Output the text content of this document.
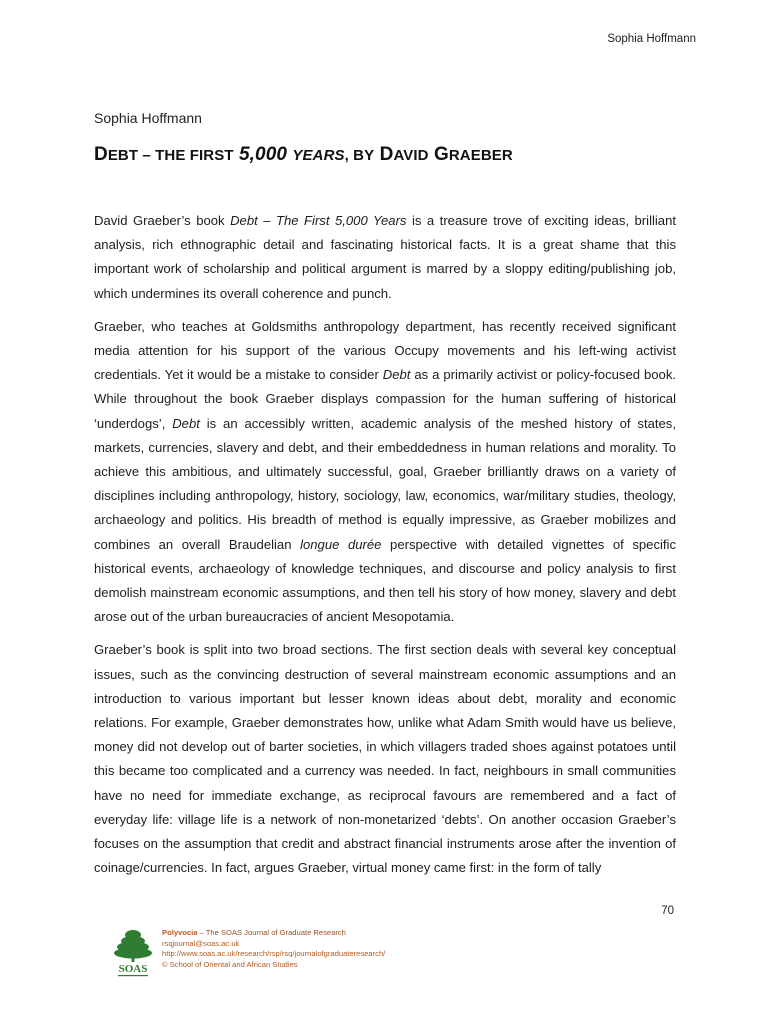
Sophia Hoffmann
Sophia Hoffmann
DEBT – THE FIRST 5,000 YEARS, BY DAVID GRAEBER

David Graeber’s book Debt – The First 5,000 Years is a treasure trove of exciting ideas, brilliant analysis, rich ethnographic detail and fascinating historical facts. It is a great shame that this important work of scholarship and political argument is marred by a sloppy editing/publishing job, which undermines its overall coherence and punch.

Graeber, who teaches at Goldsmiths anthropology department, has recently received significant media attention for his support of the various Occupy movements and his left-wing activist credentials. Yet it would be a mistake to consider Debt as a primarily activist or policy-focused book. While throughout the book Graeber displays compassion for the human suffering of historical ‘underdogs’, Debt is an accessibly written, academic analysis of the meshed history of states, markets, currencies, slavery and debt, and their embeddedness in human relations and morality. To achieve this ambitious, and ultimately successful, goal, Graeber brilliantly draws on a variety of disciplines including anthropology, history, sociology, law, economics, war/military studies, theology, archaeology and politics. His breadth of method is equally impressive, as Graeber mobilizes and combines an overall Braudelian longue durée perspective with detailed vignettes of specific historical events, archaeology of knowledge techniques, and discourse and policy analysis to first demolish mainstream economic assumptions, and then tell his story of how money, slavery and debt arose out of the urban bureaucracies of ancient Mesopotamia.

Graeber’s book is split into two broad sections. The first section deals with several key conceptual issues, such as the convincing destruction of several mainstream economic assumptions and an introduction to various important but lesser known ideas about debt, morality and economic relations. For example, Graeber demonstrates how, unlike what Adam Smith would have us believe, money did not develop out of barter societies, in which villagers traded shoes against potatoes until this became too complicated and a currency was needed. In fact, neighbours in small communities have no need for immediate exchange, as reciprocal favours are remembered and a fact of everyday life: village life is a network of non-monetarized ‘debts’. On another occasion Graeber’s focuses on the assumption that credit and abstract financial instruments arose after the invention of coinage/currencies. In fact, argues Graeber, virtual money came first: in the form of tally

70
SOAS
Polyvocia – The SOAS Journal of Graduate Research
rsqjournal@soas.ac.uk
http://www.soas.ac.uk/research/rsp/rsq/journalofgraduateresearch/
© School of Oriental and African Studies
